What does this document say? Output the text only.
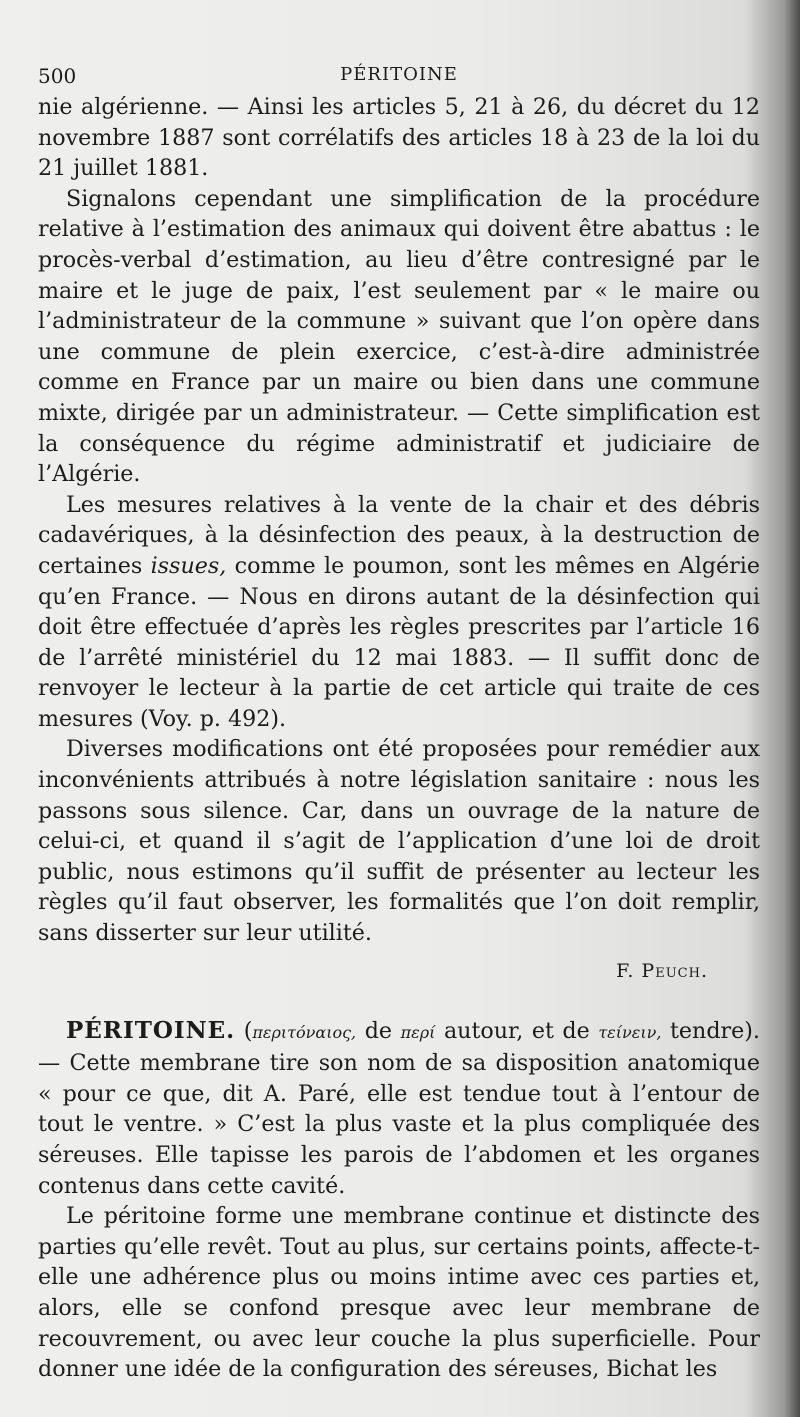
500	PÉRITOINE

nie algérienne. — Ainsi les articles 5, 21 à 26, du décret du 12 novembre 1887 sont corrélatifs des articles 18 à 23 de la loi du 21 juillet 1881.

Signalons cependant une simplification de la procédure relative à l’estimation des animaux qui doivent être abattus : le procès-verbal d’estimation, au lieu d’être contresigné par le maire et le juge de paix, l’est seulement par « le maire ou l’administrateur de la commune » suivant que l’on opère dans une commune de plein exercice, c’est-à-dire administrée comme en France par un maire ou bien dans une commune mixte, dirigée par un administrateur. — Cette simplification est la conséquence du régime administratif et judiciaire de l’Algérie.

Les mesures relatives à la vente de la chair et des débris cadavériques, à la désinfection des peaux, à la destruction de certaines issues, comme le poumon, sont les mêmes en Algérie qu’en France. — Nous en dirons autant de la désinfection qui doit être effectuée d’après les règles prescrites par l’article 16 de l’arrêté ministériel du 12 mai 1883. — Il suffit donc de renvoyer le lecteur à la partie de cet article qui traite de ces mesures (Voy. p. 492).

Diverses modifications ont été proposées pour remédier aux inconvénients attribués à notre législation sanitaire : nous les passons sous silence. Car, dans un ouvrage de la nature de celui-ci, et quand il s’agit de l’application d’une loi de droit public, nous estimons qu’il suffit de présenter au lecteur les règles qu’il faut observer, les formalités que l’on doit remplir, sans disserter sur leur utilité.

F. Peuch.

PÉRITOINE. (περιτόναιος, de περί autour, et de τείνειν, tendre). — Cette membrane tire son nom de sa disposition anatomique « pour ce que, dit A. Paré, elle est tendue tout à l’entour de tout le ventre. » C’est la plus vaste et la plus compliquée des séreuses. Elle tapisse les parois de l’abdomen et les organes contenus dans cette cavité.

Le péritoine forme une membrane continue et distincte des parties qu’elle revêt. Tout au plus, sur certains points, affecte-t-elle une adhérence plus ou moins intime avec ces parties et, alors, elle se confond presque avec leur membrane de recouvrement, ou avec leur couche la plus superficielle. Pour donner une idée de la configuration des séreuses, Bichat les
